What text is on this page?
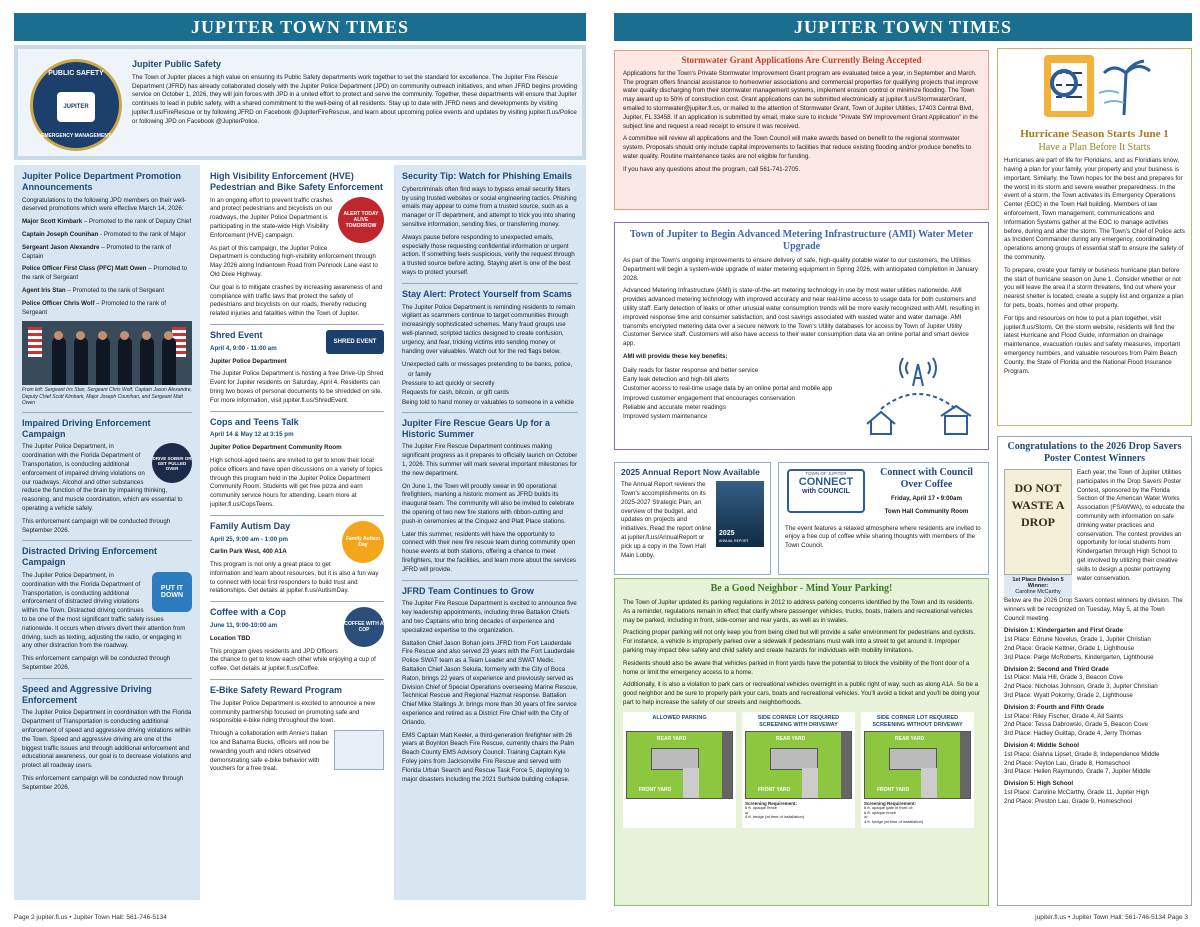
JUPITER TOWN TIMES
PUBLIC SAFETY
JUPITER
EMERGENCY MANAGEMENT
Jupiter Public Safety
The Town of Jupiter places a high value on ensuring its Public Safety departments work together to set the standard for excellence. The Jupiter Fire Rescue Department (JFRD) has already collaborated closely with the Jupiter Police Department (JPD) on community outreach initiatives, and when JFRD begins providing service on October 1, 2026, they will join forces with JPD in a united effort to protect and serve the community. Together, these departments will ensure that Jupiter continues to lead in public safety, with a shared commitment to the well-being of all residents. Stay up to date with JFRD news and developments by visiting jupiter.fl.us/FireRescue or by following JFRD on Facebook @JupiterFireRescue, and learn about upcoming police events and updates by visiting jupiter.fl.us/Police or following JPD on Facebook @JupiterPolice.
Jupiter Police Department Promotion Announcements
Congratulations to the following JPD members on their well-deserved promotions which were effective March 14, 2026:
Major Scott Kimbark – Promoted to the rank of Deputy Chief
Captain Joseph Counihan - Promoted to the rank of Major
Sergeant Jason Alexandre – Promoted to the rank of Captain
Police Officer First Class (PFC) Matt Owen – Promoted to the rank of Sergeant
Agent Iris Stan – Promoted to the rank of Sergeant
Police Officer Chris Wolf – Promoted to the rank of Sergeant
From left: Sergeant Iris Stan, Sergeant Chris Wolf, Captain Jason Alexandre, Deputy Chief Scott Kimbark, Major Joseph Counihan, and Sergeant Matt Owen
Impaired Driving Enforcement Campaign
DRIVE SOBER OR GET PULLED OVER
The Jupiter Police Department, in coordination with the Florida Department of Transportation, is conducting additional enforcement of impaired driving violations on our roadways. Alcohol and other substances reduce the function of the brain by impairing thinking, reasoning, and muscle coordination, which are essential to operating a vehicle safely.
This enforcement campaign will be conducted through September 2026.
Distracted Driving Enforcement Campaign
PUT IT DOWN
The Jupiter Police Department, in coordination with the Florida Department of Transportation, is conducting additional enforcement of distracted driving violations within the Town. Distracted driving continues to be one of the most significant traffic safety issues nationwide. It occurs when drivers divert their attention from driving, such as texting, adjusting the radio, or engaging in any other distraction from the roadway.
This enforcement campaign will be conducted through September 2026.
Speed and Aggressive Driving Enforcement
The Jupiter Police Department in coordination with the Florida Department of Transportation is conducting additional enforcement of speed and aggressive driving violations within the Town. Speed and aggressive driving are one of the biggest traffic issues and through additional enforcement and educational awareness, our goal is to decrease violations and protect all roadway users.
This enforcement campaign will be conducted now through September 2026.
High Visibility Enforcement (HVE) Pedestrian and Bike Safety Enforcement
ALERT TODAY ALIVE TOMORROW
In an ongoing effort to prevent traffic crashes and protect pedestrians and bicyclists on our roadways, the Jupiter Police Department is participating in the state-wide High Visibility Enforcement (HVE) campaign.
As part of this campaign, the Jupiter Police Department is conducting high-visibility enforcement through May 2026 along Indiantown Road from Pennock Lane east to Old Dixie Highway.
Our goal is to mitigate crashes by increasing awareness of and compliance with traffic laws that protect the safety of pedestrians and bicyclists on our roads, thereby reducing related injuries and fatalities within the Town of Jupiter.
SHRED EVENT
Shred Event
April 4, 9:00 - 11:00 am
Jupiter Police Department
The Jupiter Police Department is hosting a free Drive-Up Shred Event for Jupiter residents on Saturday, April 4. Residents can bring two boxes of personal documents to be shredded on site. For more information, visit jupiter.fl.us/ShredEvent.
Cops and Teens Talk
April 14 & May 12 at 3:15 pm
Jupiter Police Department Community Room
High school-aged teens are invited to get to know their local police officers and have open discussions on a variety of topics through this program held in the Jupiter Police Department Community Room. Students will get free pizza and earn community service hours for attending. Learn more at jupiter.fl.us/CopsTeens.
Family Autism Day
Family Autism Day
April 25, 9:00 am - 1:00 pm
Carlin Park West, 400 A1A
This program is not only a great place to get information and learn about resources, but it is also a fun way to connect with local first responders to build trust and relationships. Get details at jupiter.fl.us/AutismDay.
COFFEE WITH A COP
Coffee with a Cop
June 11, 9:00-10:00 am
Location TBD
This program gives residents and JPD Officers the chance to get to know each other while enjoying a cup of coffee. Get details at jupiter.fl.us/Coffee.
E-Bike Safety Reward Program
The Jupiter Police Department is excited to announce a new community partnership focused on promoting safe and responsible e-bike riding throughout the town.
Through a collaboration with Annie's Italian Ice and Bahama Bucks, officers will now be rewarding youth and riders observed demonstrating safe e-bike behavior with vouchers for a free treat.
Security Tip: Watch for Phishing Emails
Cybercriminals often find ways to bypass email security filters by using trusted websites or social engineering tactics. Phishing emails may appear to come from a trusted source, such as a manager or IT department, and attempt to trick you into sharing sensitive information, sending files, or transferring money.
Always pause before responding to unexpected emails, especially those requesting confidential information or urgent action. If something feels suspicious, verify the request through a trusted source before acting. Staying alert is one of the best ways to protect yourself.
Stay Alert: Protect Yourself from Scams
The Jupiter Police Department is reminding residents to remain vigilant as scammers continue to target communities through increasingly sophisticated schemes. Many fraud groups use well-planned, scripted tactics designed to create confusion, urgency, and fear, tricking victims into sending money or handing over valuables. Watch out for the red flags below.
Unexpected calls or messages pretending to be banks, police, or family
Pressure to act quickly or secretly
Requests for cash, bitcoin, or gift cards
Being told to hand money or valuables to someone in a vehicle
Jupiter Fire Rescue Gears Up for a Historic Summer
The Jupiter Fire Rescue Department continues making significant progress as it prepares to officially launch on October 1, 2026. This summer will mark several important milestones for the new department.
On June 1, the Town will proudly swear in 90 operational firefighters, marking a historic moment as JFRD builds its inaugural team. The community will also be invited to celebrate the opening of two new fire stations with ribbon-cutting and push-in ceremonies at the Cinquez and Platt Place stations.
Later this summer, residents will have the opportunity to connect with their new fire rescue team during community open house events at both stations, offering a chance to meet firefighters, tour the facilities, and learn more about the services JFRD will provide.
JFRD Team Continues to Grow
The Jupiter Fire Rescue Department is excited to announce five key leadership appointments, including three Battalion Chiefs and two Captains who bring decades of experience and specialized expertise to the organization.
Battalion Chief Jason Bohan joins JFRD from Fort Lauderdale Fire Rescue and also served 23 years with the Fort Lauderdale Police SWAT team as a Team Leader and SWAT Medic. Battalion Chief Jason Sekula, formerly with the City of Boca Raton, brings 22 years of experience and previously served as Division Chief of Special Operations overseeing Marine Rescue, Technical Rescue and Regional Hazmat response. Battalion Chief Mike Stallings Jr. brings more than 30 years of fire service experience and retired as a District Fire Chief with the City of Orlando.
EMS Captain Matt Keeler, a third-generation firefighter with 26 years at Boynton Beach Fire Rescue, currently chairs the Palm Beach County EMS Advisory Council. Training Captain Kyle Foley joins from Jacksonville Fire Rescue and served with Florida Urban Search and Rescue Task Force 5, deploying to major disasters including the 2021 Surfside building collapse.
Page 2 jupiter.fl.us • Jupiter Town Hall: 561-746-5134
JUPITER TOWN TIMES
Stormwater Grant Applications Are Currently Being Accepted
Applications for the Town's Private Stormwater Improvement Grant program are evaluated twice a year, in September and March. The program offers financial assistance to homeowner associations and commercial properties for qualifying projects that improve water quality discharging from their stormwater management systems, implement erosion control or minimize flooding. The Town may award up to 50% of construction cost. Grant applications can be submitted electronically at jupiter.fl.us/StormwaterGrant, emailed to stormwater@jupiter.fl.us, or mailed to the attention of Stormwater Grant, Town of Jupiter Utilities, 17403 Central Blvd, Jupiter, FL 33458. If an application is submitted by email, make sure to include "Private SW Improvement Grant Application" in the subject line and request a read receipt to ensure it was received.
A committee will review all applications and the Town Council will make awards based on benefit to the regional stormwater system. Proposals should only include capital improvements to facilities that reduce existing flooding and/or produce benefits to water quality. Routine maintenance tasks are not eligible for funding.
If you have any questions about the program, call 561-741-2705.
Town of Jupiter to Begin Advanced Metering Infrastructure (AMI) Water Meter Upgrade
As part of the Town's ongoing improvements to ensure delivery of safe, high-quality potable water to our customers, the Utilities Department will begin a system-wide upgrade of water metering equipment in Spring 2026, with anticipated completion in January 2028.
Advanced Metering Infrastructure (AMI) is state-of-the-art metering technology in use by most water utilities nationwide. AMI provides advanced metering technology with improved accuracy and near real-time access to usage data for both customers and utility staff. Early detection of leaks or other unusual water consumption trends will be more easily recognized with AMI, resulting in improved response time and consumer satisfaction, and cost savings associated with wasted water and water damage. AMI transmits encrypted metering data over a secure network to the Town's Utility databases for access by Town of Jupiter Utility Customer Service staff. Customers will also have access to their water consumption data via an online portal and smart device app.
AMI will provide these key benefits:
Daily reads for faster response and better service
Early leak detection and high-bill alerts
Customer access to real-time usage data by an online portal and mobile app
Improved customer engagement that encourages conservation
Reliable and accurate meter readings
Improved system maintenance
2025 Annual Report Now Available
2025
ANNUAL REPORT
The Annual Report reviews the Town's accomplishments on its 2025-2027 Strategic Plan, an overview of the budget, and updates on projects and initiatives. Read the report online at jupiter.fl.us/AnnualReport or pick up a copy in the Town Hall Main Lobby.
TOWN OF JUPITER
CONNECT
with COUNCIL
Connect with Council Over Coffee
Friday, April 17 • 9:00am
Town Hall Community Room
The event features a relaxed atmosphere where residents are invited to enjoy a free cup of coffee while sharing thoughts with members of the Town Council.
Be a Good Neighbor - Mind Your Parking!
The Town of Jupiter updated its parking regulations in 2012 to address parking concerns identified by the Town and its residents. As a reminder, regulations remain in effect that clarify where passenger vehicles, trucks, boats, trailers and recreational vehicles may be parked, including in front, side-corner and rear yards, as well as in swales.
Practicing proper parking will not only keep you from being cited but will provide a safer environment for pedestrians and cyclists. For instance, a vehicle is improperly parked over a sidewalk if pedestrians must walk into a street to get around it. Improper parking may impact bike safety and child safety and create hazards for individuals with mobility limitations.
Residents should also be aware that vehicles parked in front yards have the potential to block the visibility of the front door of a home or limit the emergency access to a home.
Additionally, it is also a violation to park cars or recreational vehicles overnight in a public right of way, such as along A1A. So be a good neighbor and be sure to properly park your cars, boats and recreational vehicles. You'll avoid a ticket and you'll be doing your part to help increase the safety of our streets and neighborhoods.
ALLOWED PARKING
REAR YARD
FRONT YARD
SIDE CORNER LOT REQUIRED SCREENING WITH DRIVEWAY
REAR YARD
FRONT YARD
Screening Requirement:
6 ft. opaque fence
or
4 ft. hedge (at time of installation)
SIDE CORNER LOT REQUIRED SCREENING WITHOUT DRIVEWAY
REAR YARD
FRONT YARD
Screening Requirement:
6 ft. opaque gate in front of:
6 ft. opaque fence
or
4 ft. hedge (at time of installation)
Hurricane Season Starts June 1
Have a Plan Before It Starts
Hurricanes are part of life for Floridians, and as Floridians know, having a plan for your family, your property and your business is important. Similarly, the Town hopes for the best and prepares for the worst in its storm and severe weather preparedness. In the event of a storm, the Town activates its Emergency Operations Center (EOC) in the Town Hall building. Members of law enforcement, Town management, communications and Information Systems gather at the EOC to manage activities before, during and after the storm. The Town's Chief of Police acts as Incident Commander during any emergency, coordinating operations among groups of essential staff to ensure the safety of the community.
To prepare, create your family or business hurricane plan before the start of hurricane season on June 1. Consider whether or not you will leave the area if a storm threatens, find out where your nearest shelter is located, create a supply list and organize a plan for pets, boats, homes and other property.
For tips and resources on how to put a plan together, visit jupiter.fl.us/Storm. On the storm website, residents will find the latest Hurricane and Flood Guide, information on drainage maintenance, evacuation routes and safety measures, important emergency numbers, and valuable resources from Palm Beach County, the State of Florida and the National Flood Insurance Program.
Congratulations to the 2026 Drop Savers Poster Contest Winners
DO NOT WASTE A DROP
1st Place Division 5 Winner:
Caroline McCarthy
Each year, the Town of Jupiter Utilities participates in the Drop Savers Poster Contest, sponsored by the Florida Section of the American Water Works Association (FSAWWA), to educate the community with information on safe drinking water practices and conservation. The contest provides an opportunity for local students from Kindergarten through High School to get involved by utilizing their creative skills to design a poster portraying water conservation.
Below are the 2026 Drop Savers contest winners by division. The winners will be recognized on Tuesday, May 5, at the Town Council meeting.
Division 1: Kindergarten and First Grade
1st Place: Edrune Novelus, Grade 1, Jupiter Christian
2nd Place: Gracie Kettner, Grade 1, Lighthouse
3rd Place: Paige McRoberts, Kindergarten, Lighthouse
Division 2: Second and Third Grade
1st Place: Maia Hill, Grade 3, Beacon Cove
2nd Place: Nicholas Johnson, Grade 3, Jupiter Christian
3rd Place: Wyatt Pokorny, Grade 2, Lighthouse
Division 3: Fourth and Fifth Grade
1st Place: Riley Fischer, Grade 4, All Saints
2nd Place: Tessa Dabrowski, Grade 5, Beacon Cove
3rd Place: Hadley Guittap, Grade 4, Jerry Thomas
Division 4: Middle School
1st Place: Giahna Lipset, Grade 8, Independence Middle
2nd Place: Peyton Lau, Grade 8, Homeschool
3rd Place: Hellen Raymundo, Grade 7, Jupiter Middle
Division 5: High School
1st Place: Caroline McCarthy, Grade 11, Jupiter High
2nd Place: Preston Lau, Grade 9, Homeschool
jupiter.fl.us • Jupiter Town Hall: 561-746-5134 Page 3
